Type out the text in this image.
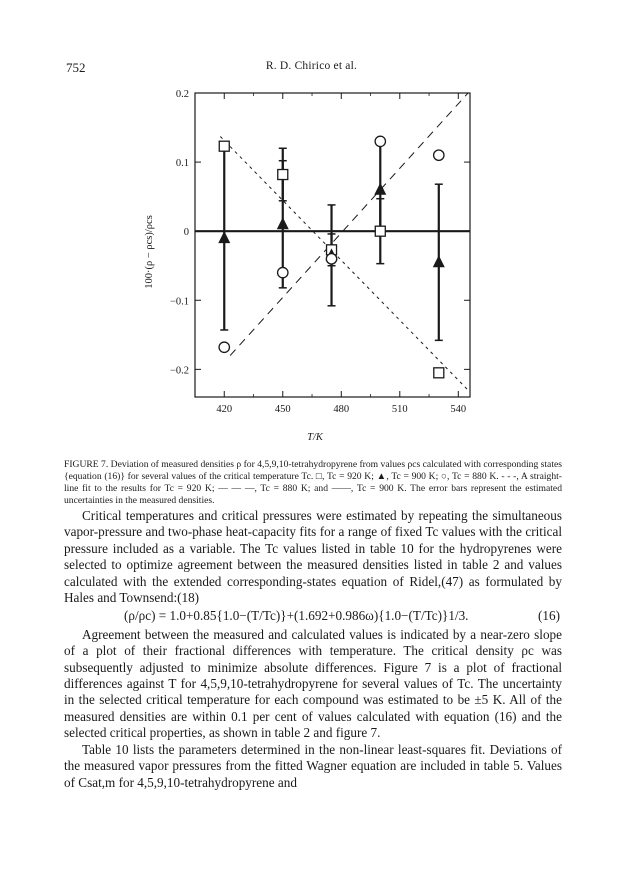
752	R. D. Chirico et al.
420	450	480	510	540
0.2
0.1
0
−0.1
−0.2
T/K
100·(ρ − ρcs)/ρcs
FIGURE 7. Deviation of measured densities ρ for 4,5,9,10-tetrahydropyrene from values ρcs calculated with corresponding states {equation (16)} for several values of the critical temperature Tc. □, Tc = 920 K; ▲, Tc = 900 K; ○, Tc = 880 K. - - -, A straight-line fit to the results for Tc = 920 K; — — —, Tc = 880 K; and ——, Tc = 900 K. The error bars represent the estimated uncertainties in the measured densities.

Critical temperatures and critical pressures were estimated by repeating the simultaneous vapor-pressure and two-phase heat-capacity fits for a range of fixed Tc values with the critical pressure included as a variable. The Tc values listed in table 10 for the hydropyrenes were selected to optimize agreement between the measured densities listed in table 2 and values calculated with the extended corresponding-states equation of Ridel,(47) as formulated by Hales and Townsend:(18)

(ρ/ρc) = 1.0+0.85{1.0−(T/Tc)}+(1.692+0.986ω){1.0−(T/Tc)}1/3.	(16)

Agreement between the measured and calculated values is indicated by a near-zero slope of a plot of their fractional differences with temperature. The critical density ρc was subsequently adjusted to minimize absolute differences. Figure 7 is a plot of fractional differences against T for 4,5,9,10-tetrahydropyrene for several values of Tc. The uncertainty in the selected critical temperature for each compound was estimated to be ±5 K. All of the measured densities are within 0.1 per cent of values calculated with equation (16) and the selected critical properties, as shown in table 2 and figure 7.

Table 10 lists the parameters determined in the non-linear least-squares fit. Deviations of the measured vapor pressures from the fitted Wagner equation are included in table 5. Values of Csat,m for 4,5,9,10-tetrahydropyrene and
